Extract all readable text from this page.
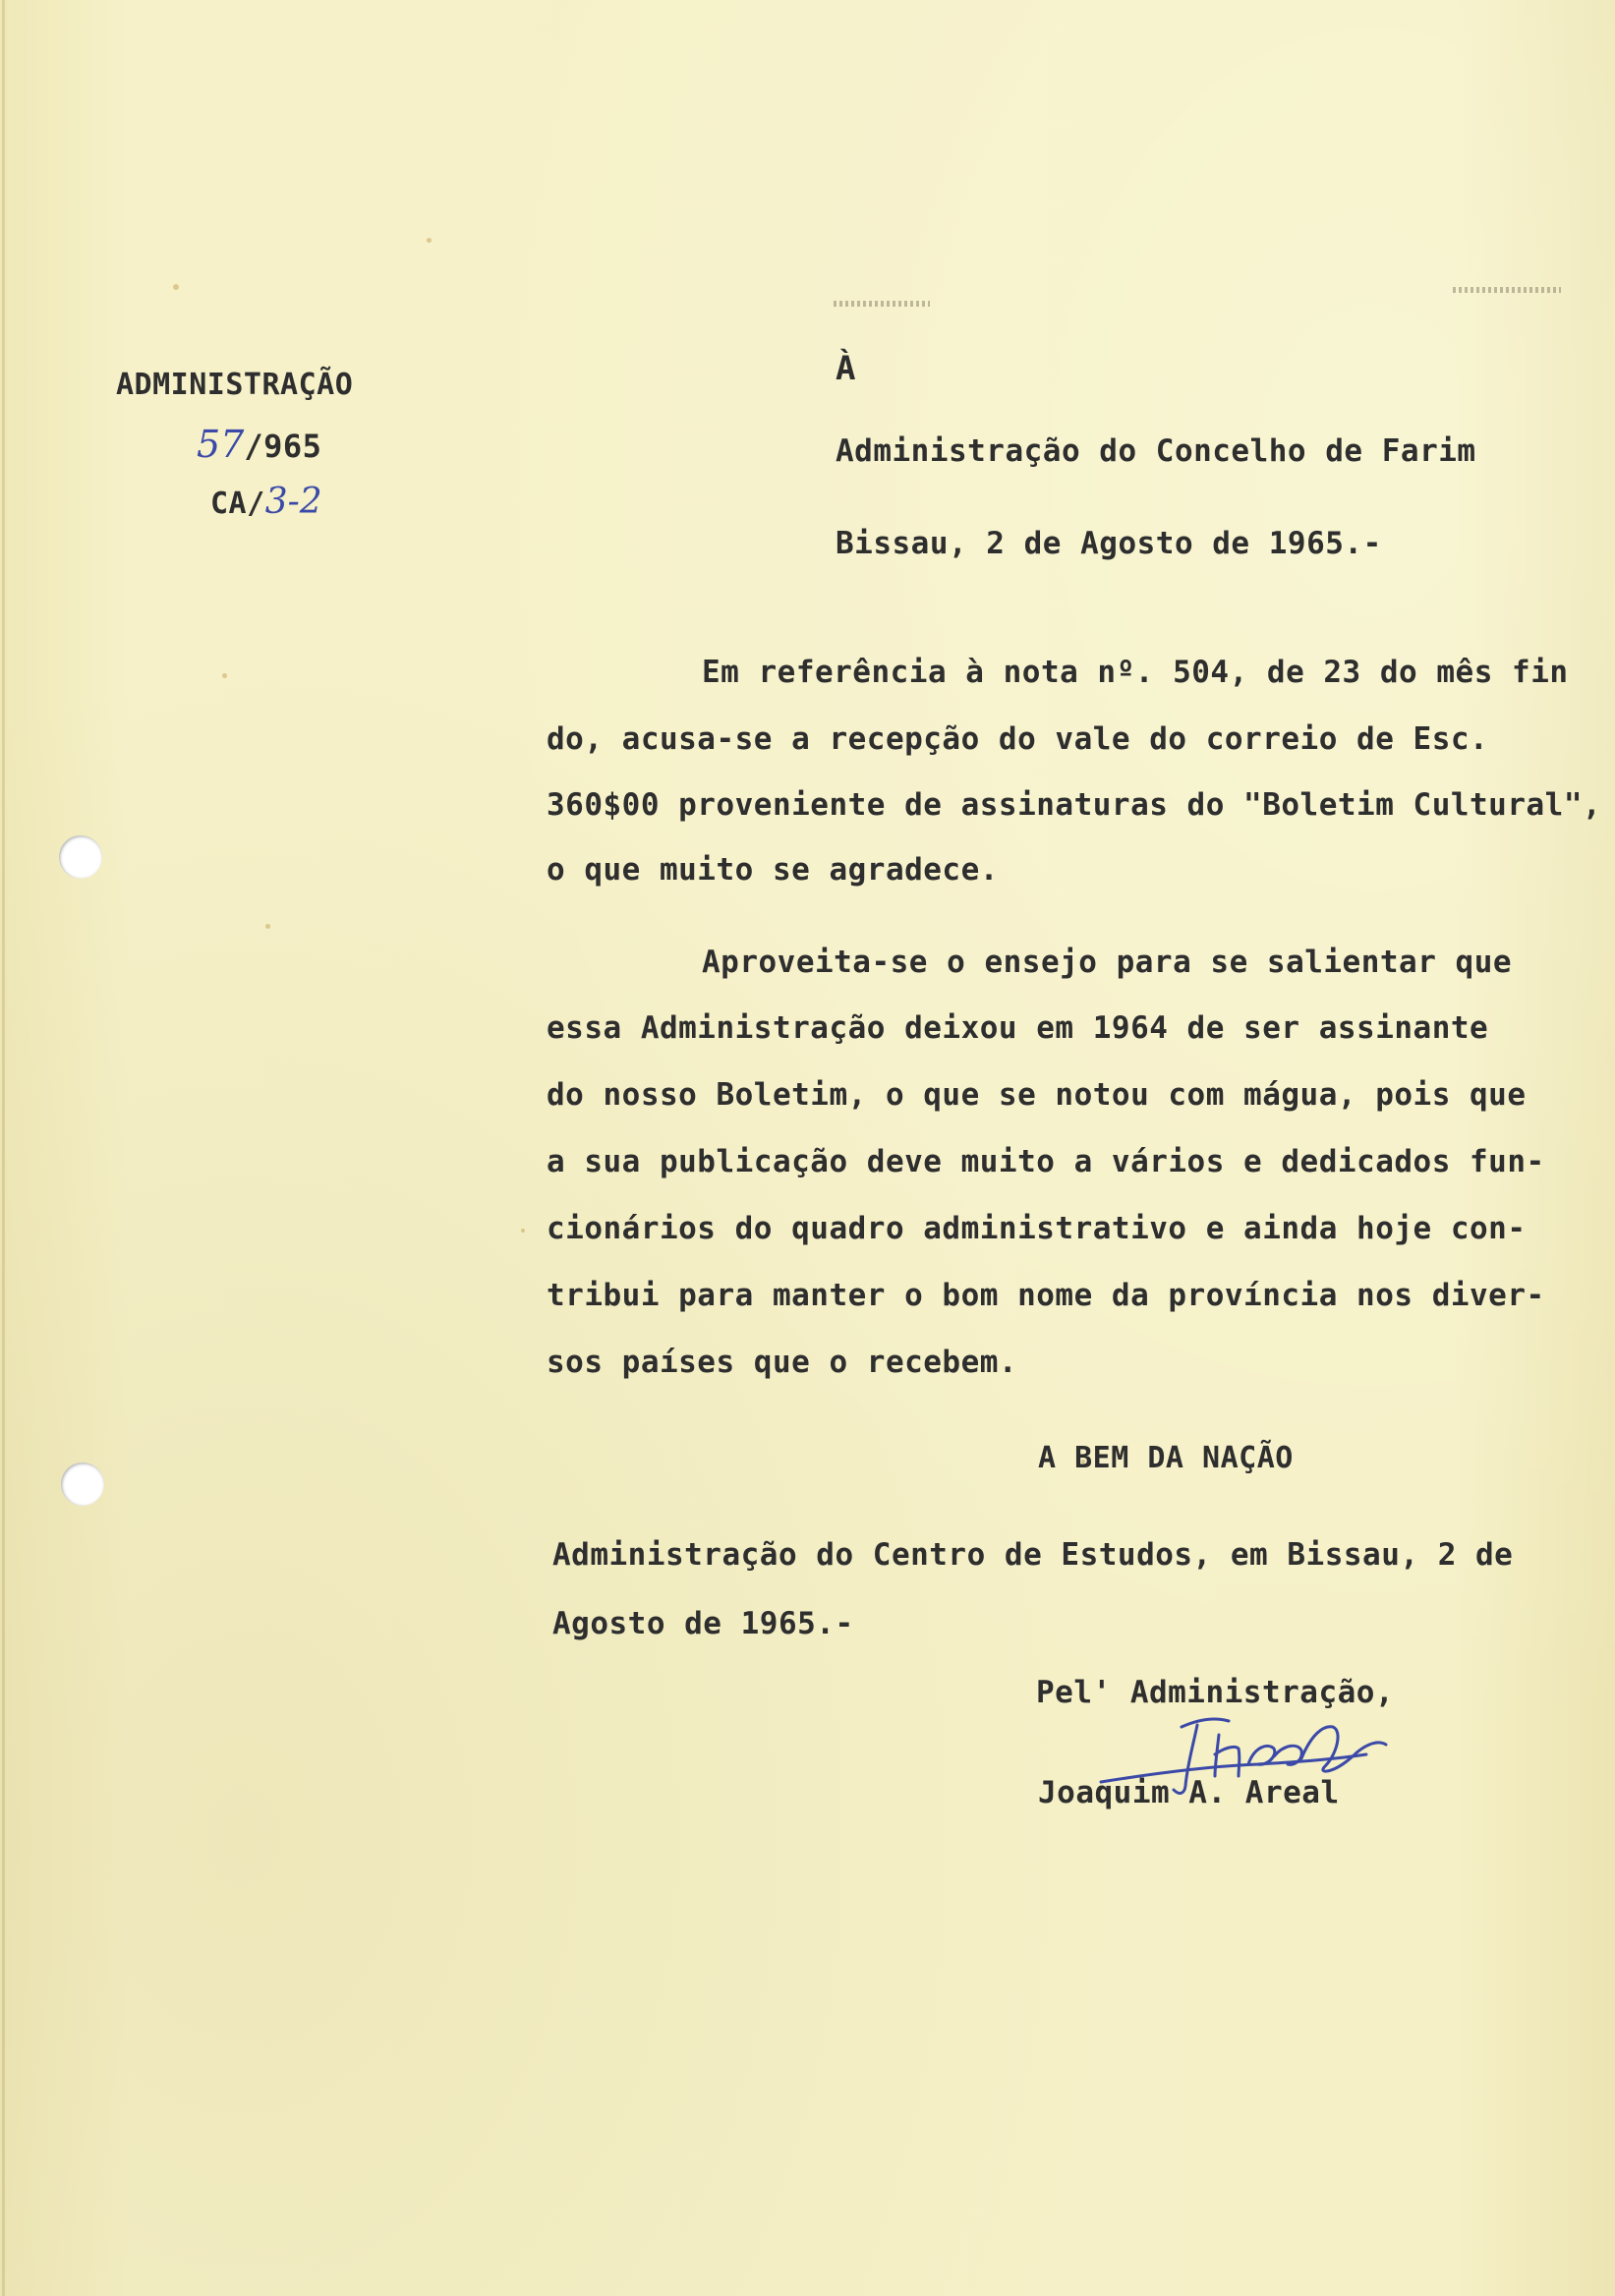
ADMINISTRAÇÃO
57/965
CA/3-2
À
Administração do Concelho de Farim
Bissau, 2 de Agosto de 1965.-
Em referência à nota nº. 504, de 23 do mês fin
do, acusa-se a recepção do vale do correio de Esc.
360$00 proveniente de assinaturas do "Boletim Cultural",
o que muito se agradece.
Aproveita-se o ensejo para se salientar que
essa Administração deixou em 1964 de ser assinante
do nosso Boletim, o que se notou com mágua, pois que
a sua publicação deve muito a vários e dedicados fun-
cionários do quadro administrativo e ainda hoje con-
tribui para manter o bom nome da província nos diver-
sos países que o recebem.
A BEM DA NAÇÃO
Administração do Centro de Estudos, em Bissau, 2 de
Agosto de 1965.-
Pel' Administração,
Joaquim A. Areal
